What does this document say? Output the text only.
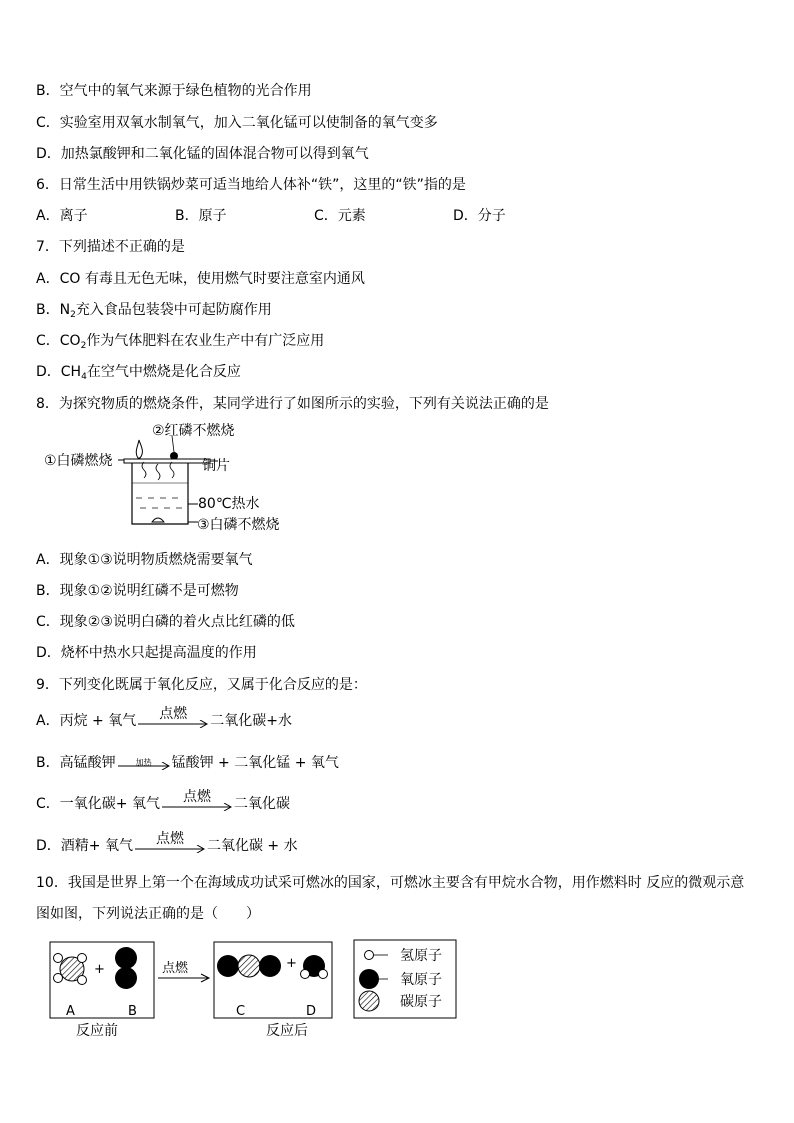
B．空气中的氧气来源于绿色植物的光合作用
C．实验室用双氧水制氧气，加入二氧化锰可以使制备的氧气变多
D．加热氯酸钾和二氧化锰的固体混合物可以得到氧气
6．日常生活中用铁锅炒菜可适当地给人体补“铁”，这里的“铁”指的是
A．离子	B．原子	C．元素	D．分子
7．下列描述不正确的是
A．CO 有毒且无色无味，使用燃气时要注意室内通风
B．$N_2$充入食品包装袋中可起防腐作用
C．$CO_2$作为气体肥料在农业生产中有广泛应用
D．$CH_4$在空气中燃烧是化合反应
8．为探究物质的燃烧条件，某同学进行了如图所示的实验，下列有关说法正确的是
②红磷不燃烧
①白磷燃烧	铜片
80℃热水
③白磷不燃烧
A．现象①③说明物质燃烧需要氧气
B．现象①②说明红磷不是可燃物
C．现象②③说明白磷的着火点比红磷的低
D．烧杯中热水只起提高温度的作用
9．下列变化既属于氧化反应，又属于化合反应的是：
A．丙烷 + 氧气	点燃	二氧化碳+水
B．高锰酸钾	加热	锰酸钾 + 二氧化锰 + 氧气
C．一氧化碳+ 氧气	点燃	二氧化碳
D．酒精+ 氧气	点燃	二氧化碳 + 水
10．我国是世界上第一个在海域成功试采可燃冰的国家，可燃冰主要含有甲烷水合物，用作燃料时 反应的微观示意
图如图，下列说法正确的是（　　）
+
A	B
反应前
点燃	+
C	D
反应后
氢原子
氧原子
碳原子
